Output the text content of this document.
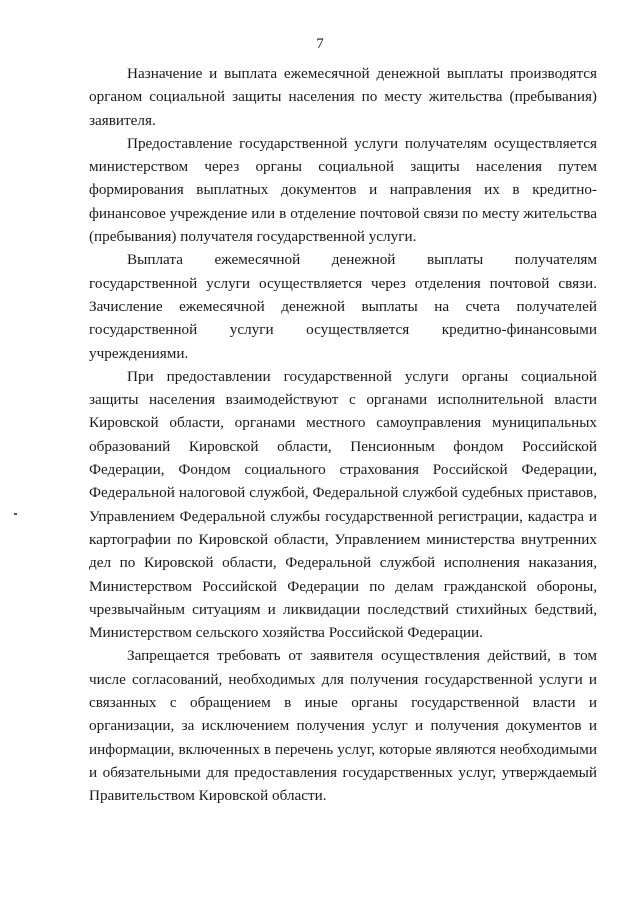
7

Назначение и выплата ежемесячной денежной выплаты производятся органом социальной защиты населения по месту жительства (пребывания) заявителя.

Предоставление государственной услуги получателям осуществляется министерством через органы социальной защиты населения путем формирования выплатных документов и направления их в кредитно-финансовое учреждение или в отделение почтовой связи по месту жительства (пребывания) получателя государственной услуги.

Выплата ежемесячной денежной выплаты получателям государственной услуги осуществляется через отделения почтовой связи. Зачисление ежемесячной денежной выплаты на счета получателей государственной услуги осуществляется кредитно-финансовыми учреждениями.

При предоставлении государственной услуги органы социальной защиты населения взаимодействуют с органами исполнительной власти Кировской области, органами местного самоуправления муниципальных образований Кировской области, Пенсионным фондом Российской Федерации, Фондом социального страхования Российской Федерации, Федеральной налоговой службой, Федеральной службой судебных приставов, Управлением Федеральной службы государственной регистрации, кадастра и картографии по Кировской области, Управлением министерства внутренних дел по Кировской области, Федеральной службой исполнения наказания, Министерством Российской Федерации по делам гражданской обороны, чрезвычайным ситуациям и ликвидации последствий стихийных бедствий, Министерством сельского хозяйства Российской Федерации.

Запрещается требовать от заявителя осуществления действий, в том числе согласований, необходимых для получения государственной услуги и связанных с обращением в иные органы государственной власти и организации, за исключением получения услуг и получения документов и информации, включенных в перечень услуг, которые являются необходимыми и обязательными для предоставления государственных услуг, утверждаемый Правительством Кировской области.
